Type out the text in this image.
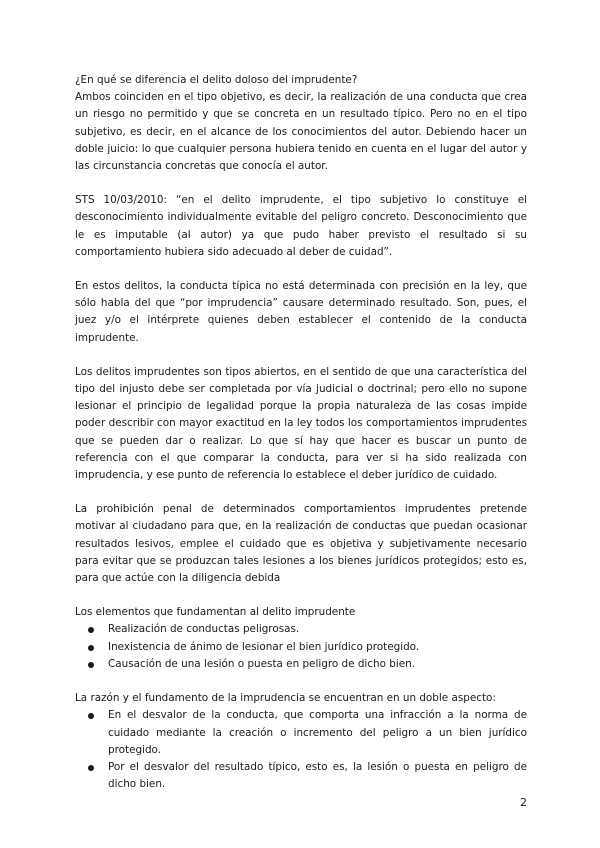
¿En qué se diferencia el delito doloso del imprudente?

Ambos coinciden en el tipo objetivo, es decir, la realización de una conducta que crea un riesgo no permitido y que se concreta en un resultado típico. Pero no en el tipo subjetivo, es decir, en el alcance de los conocimientos del autor. Debiendo hacer un doble juicio: lo que cualquier persona hubiera tenido en cuenta en el lugar del autor y las circunstancia concretas que conocía el autor.

STS 10/03/2010: “en el delito imprudente, el tipo subjetivo lo constituye el desconocimiento individualmente evitable del peligro concreto. Desconocimiento que le es imputable (al autor) ya que pudo haber previsto el resultado si su comportamiento hubiera sido adecuado al deber de cuidad”.

En estos delitos, la conducta típica no está determinada con precisión en la ley, que sólo habla del que “por imprudencia” causare determinado resultado. Son, pues, el juez y/o el intérprete quienes deben establecer el contenido de la conducta imprudente.

Los delitos imprudentes son tipos abiertos, en el sentido de que una característica del tipo del injusto debe ser completada por vía judicial o doctrinal; pero ello no supone lesionar el principio de legalidad porque la propia naturaleza de las cosas impide poder describir con mayor exactitud en la ley todos los comportamientos imprudentes que se pueden dar o realizar. Lo que sí hay que hacer es buscar un punto de referencia con el que comparar la conducta, para ver si ha sido realizada con imprudencia, y ese punto de referencia lo establece el deber jurídico de cuidado.

La prohibición penal de determinados comportamientos imprudentes pretende motivar al ciudadano para que, en la realización de conductas que puedan ocasionar resultados lesivos, emplee el cuidado que es objetiva y subjetivamente necesario para evitar que se produzcan tales lesiones a los bienes jurídicos protegidos; esto es, para que actúe con la diligencia debida

Los elementos que fundamentan al delito imprudente

Realización de conductas peligrosas.
Inexistencia de ánimo de lesionar el bien jurídico protegido.
Causación de una lesión o puesta en peligro de dicho bien.

La razón y el fundamento de la imprudencia se encuentran en un doble aspecto:

En el desvalor de la conducta, que comporta una infracción a la norma de cuidado mediante la creación o incremento del peligro a un bien jurídico protegido.
Por el desvalor del resultado típico, esto es, la lesión o puesta en peligro de dicho bien.
2
